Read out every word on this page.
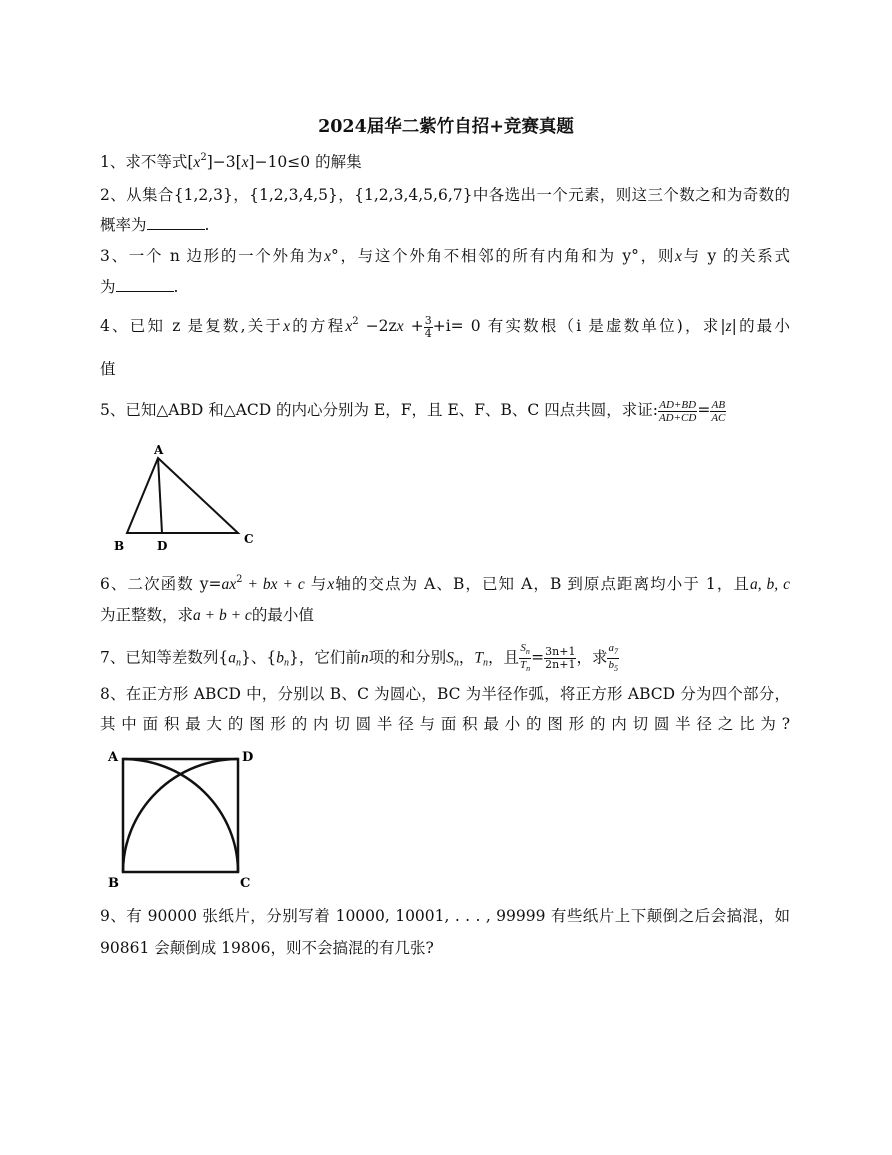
2024届华二紫竹自招+竞赛真题
1、求不等式$[x^2]-3[x]-10\le 0$ 的解集
2、从集合{1,2,3}，{1,2,3,4,5}，{1,2,3,4,5,6,7}中各选出一个元素，则这三个数之和为奇数的
概率为	.
3、一个 n 边形的一个外角为x°，与这个外角不相邻的所有内角和为 y°，则x与 y 的关系式
为	.
4、已知 z 是复数,关于x的方程$x^2 -2zx + \frac{3}{4} +i= 0$ 有实数根（i 是虚数单位)，求|z|的最小
值
5、已知△ABD 和△ACD 的内心分别为 E，F，且 E、F、B、C 四点共圆，求证: $\frac{AD+BD}{AD+CD} = \frac{AB}{AC}$
A
B	D	C
6、二次函数 $y=ax^2$ + bx + c 与x轴的交点为 A、B，已知 A，B 到原点距离均小于 1，且a, b, c
为正整数，求a + b + c的最小值
7、已知等差数列$\{a_n\}$、$\{b_n\}$，它们前n项的和分别$S_n$，$T_n$，且 $\frac{S_n}{T_n} = \frac{3n+1}{2n+1}$ ，求 $\frac{a_7}{b_5}$
8、在正方形 ABCD 中，分别以 B、C 为圆心，BC 为半径作弧，将正方形 ABCD 分为四个部分，
其中面积最大的图形的内切圆半径与面积最小的图形的内切圆半径之比为?
A	D
B	C
9、有 90000 张纸片，分别写着 10000, 10001, . . . , 99999 有些纸片上下颠倒之后会搞混，如
90861 会颠倒成 19806，则不会搞混的有几张?
